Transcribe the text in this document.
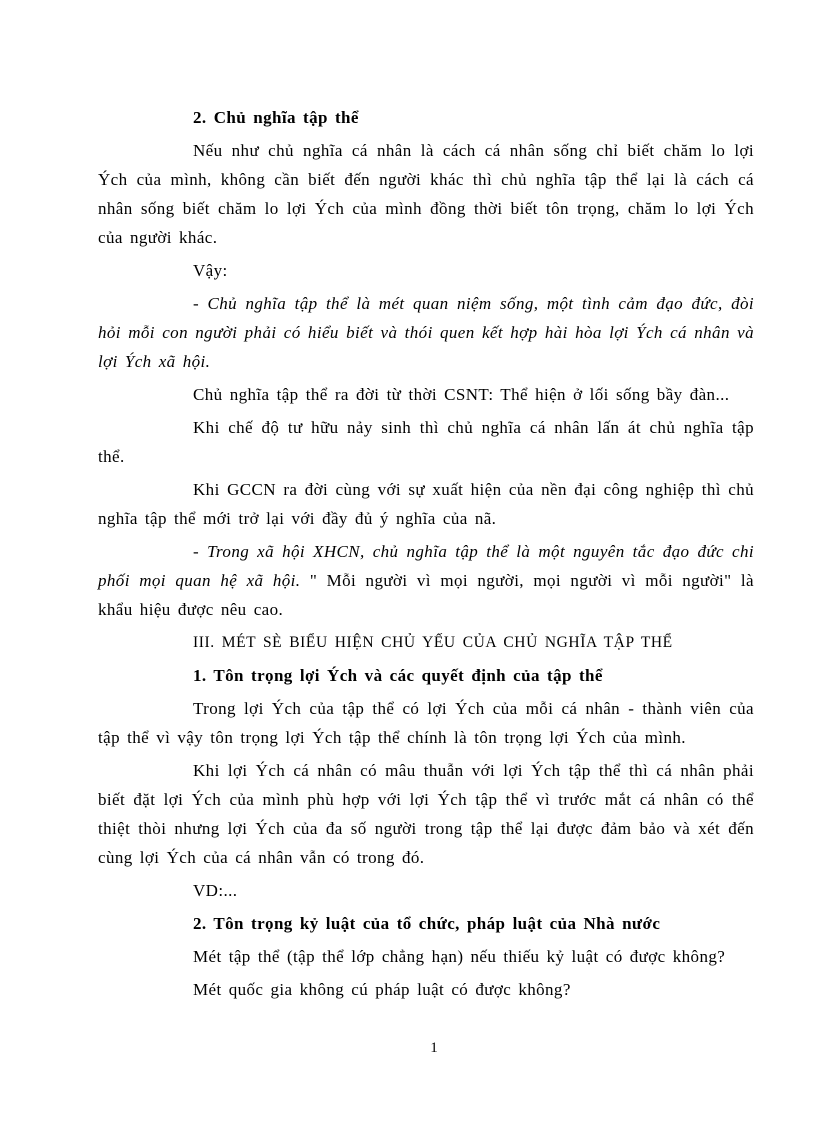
2. Chủ nghĩa tập thể

Nếu như chủ nghĩa cá nhân là cách cá nhân sống chỉ biết chăm lo lợi Ých của mình, không cần biết đến người khác thì chủ nghĩa tập thể lại là cách cá nhân sống biết chăm lo lợi Ých của mình đồng thời biết tôn trọng, chăm lo lợi Ých của người khác.

Vậy:

- Chủ nghĩa tập thể là mét quan niệm sống, một tình cảm đạo đức, đòi hỏi mỗi con người phải có hiểu biết và thói quen kết hợp hài hòa lợi Ých cá nhân và lợi Ých xã hội.

Chủ nghĩa tập thể ra đời từ thời CSNT: Thể hiện ở lối sống bầy đàn...

Khi chế độ tư hữu nảy sinh thì chủ nghĩa cá nhân lấn át chủ nghĩa tập thể.

Khi GCCN ra đời cùng với sự xuất hiện của nền đại công nghiệp thì chủ nghĩa tập thể mới trở lại với đầy đủ ý nghĩa của nã.

- Trong xã hội XHCN, chủ nghĩa tập thể là một nguyên tắc đạo đức chi phối mọi quan hệ xã hội. " Mỗi người vì mọi người, mọi người vì mỗi người" là khẩu hiệu được nêu cao.

III. MÉT SÈ BIỂU HIỆN CHỦ YẾU CỦA CHỦ NGHĨA TẬP THỂ

1. Tôn trọng lợi Ých và các quyết định của tập thể

Trong lợi Ých của tập thể có lợi Ých của mỗi cá nhân - thành viên của tập thể vì vậy tôn trọng lợi Ých tập thể chính là tôn trọng lợi Ých của mình.

Khi lợi Ých cá nhân có mâu thuẫn với lợi Ých tập thể thì cá nhân phải biết đặt lợi Ých của mình phù hợp với lợi Ých tập thể vì trước mắt cá nhân có thể thiệt thòi nhưng lợi Ých của đa số người trong tập thể lại được đảm bảo và xét đến cùng lợi Ých của cá nhân vẫn có trong đó.

VD:...

2. Tôn trọng kỷ luật của tổ chức, pháp luật của Nhà nước

Mét tập thể (tập thể lớp chẳng hạn) nếu thiếu kỷ luật có được không?

Mét quốc gia không cú pháp luật có được không?

1
